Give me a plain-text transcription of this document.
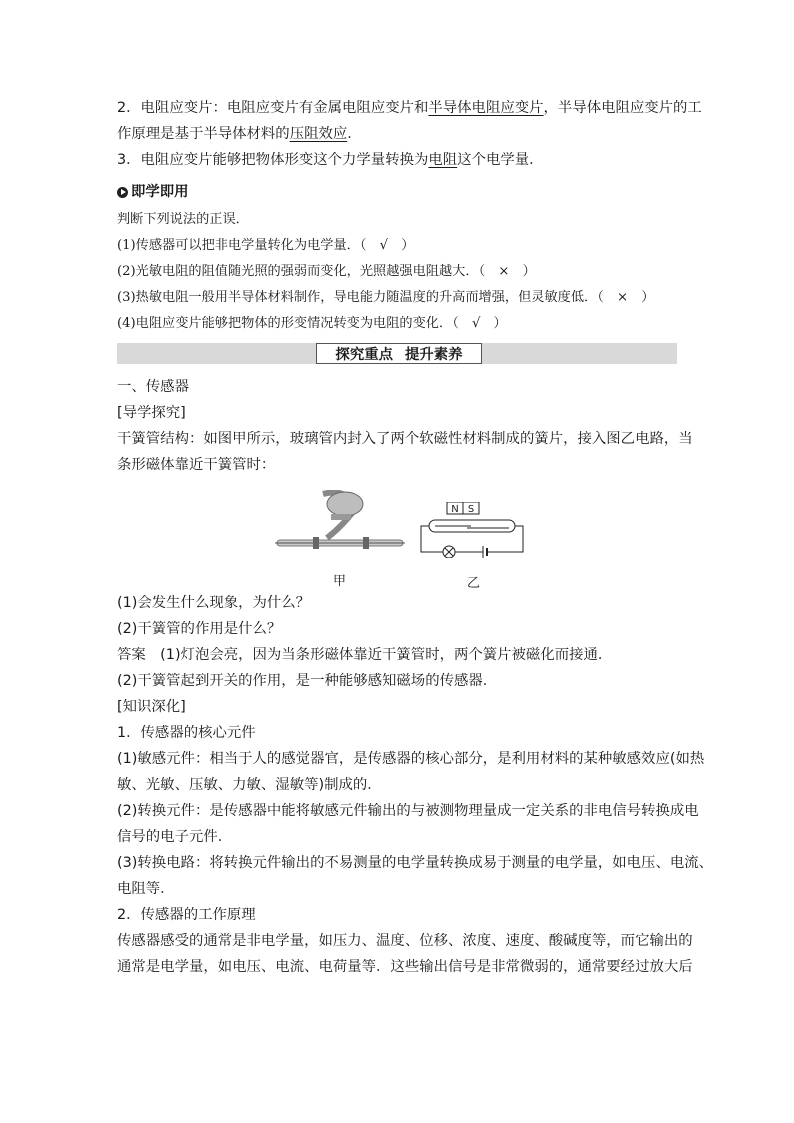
2．电阻应变片：电阻应变片有金属电阻应变片和半导体电阻应变片，半导体电阻应变片的工

作原理是基于半导体材料的压阻效应．

3．电阻应变片能够把物体形变这个力学量转换为电阻这个电学量．

即学即用

判断下列说法的正误．

(1)传感器可以把非电学量转化为电学量．（　√　）

(2)光敏电阻的阻值随光照的强弱而变化，光照越强电阻越大．（　×　）

(3)热敏电阻一般用半导体材料制作，导电能力随温度的升高而增强，但灵敏度低．（　×　）

(4)电阻应变片能够把物体的形变情况转变为电阻的变化．（　√　）

探究重点 提升素养

一、传感器

[导学探究]

干簧管结构：如图甲所示，玻璃管内封入了两个软磁性材料制成的簧片，接入图乙电路，当

条形磁体靠近干簧管时：

甲
N S
乙

(1)会发生什么现象，为什么？

(2)干簧管的作用是什么？

答案　(1)灯泡会亮，因为当条形磁体靠近干簧管时，两个簧片被磁化而接通．

(2)干簧管起到开关的作用，是一种能够感知磁场的传感器．

[知识深化]

1．传感器的核心元件

(1)敏感元件：相当于人的感觉器官，是传感器的核心部分，是利用材料的某种敏感效应(如热

敏、光敏、压敏、力敏、湿敏等)制成的．

(2)转换元件：是传感器中能将敏感元件输出的与被测物理量成一定关系的非电信号转换成电

信号的电子元件．

(3)转换电路：将转换元件输出的不易测量的电学量转换成易于测量的电学量，如电压、电流、

电阻等．

2．传感器的工作原理

传感器感受的通常是非电学量，如压力、温度、位移、浓度、速度、酸碱度等，而它输出的

通常是电学量，如电压、电流、电荷量等．这些输出信号是非常微弱的，通常要经过放大后
